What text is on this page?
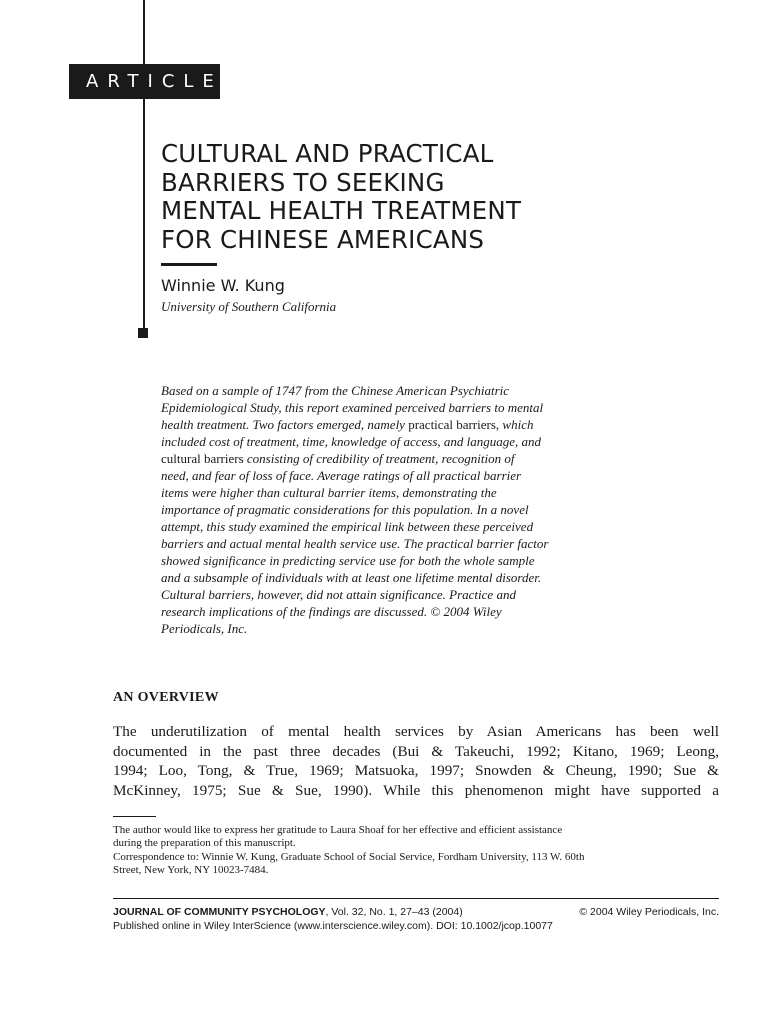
ARTICLE
CULTURAL AND PRACTICAL
BARRIERS TO SEEKING
MENTAL HEALTH TREATMENT
FOR CHINESE AMERICANS
Winnie W. Kung
University of Southern California
Based on a sample of 1747 from the Chinese American Psychiatric
Epidemiological Study, this report examined perceived barriers to mental
health treatment. Two factors emerged, namely practical barriers, which
included cost of treatment, time, knowledge of access, and language, and
cultural barriers consisting of credibility of treatment, recognition of
need, and fear of loss of face. Average ratings of all practical barrier
items were higher than cultural barrier items, demonstrating the
importance of pragmatic considerations for this population. In a novel
attempt, this study examined the empirical link between these perceived
barriers and actual mental health service use. The practical barrier factor
showed significance in predicting service use for both the whole sample
and a subsample of individuals with at least one lifetime mental disorder.
Cultural barriers, however, did not attain significance. Practice and
research implications of the findings are discussed. © 2004 Wiley
Periodicals, Inc.
AN OVERVIEW
The underutilization of mental health services by Asian Americans has been well
documented in the past three decades (Bui & Takeuchi, 1992; Kitano, 1969; Leong,
1994; Loo, Tong, & True, 1969; Matsuoka, 1997; Snowden & Cheung, 1990; Sue &
McKinney, 1975; Sue & Sue, 1990). While this phenomenon might have supported a
The author would like to express her gratitude to Laura Shoaf for her effective and efficient assistance
during the preparation of this manuscript.
Correspondence to: Winnie W. Kung, Graduate School of Social Service, Fordham University, 113 W. 60th
Street, New York, NY 10023-7484.
JOURNAL OF COMMUNITY PSYCHOLOGY, Vol. 32, No. 1, 27–43 (2004)	© 2004 Wiley Periodicals, Inc.
Published online in Wiley InterScience (www.interscience.wiley.com). DOI: 10.1002/jcop.10077
